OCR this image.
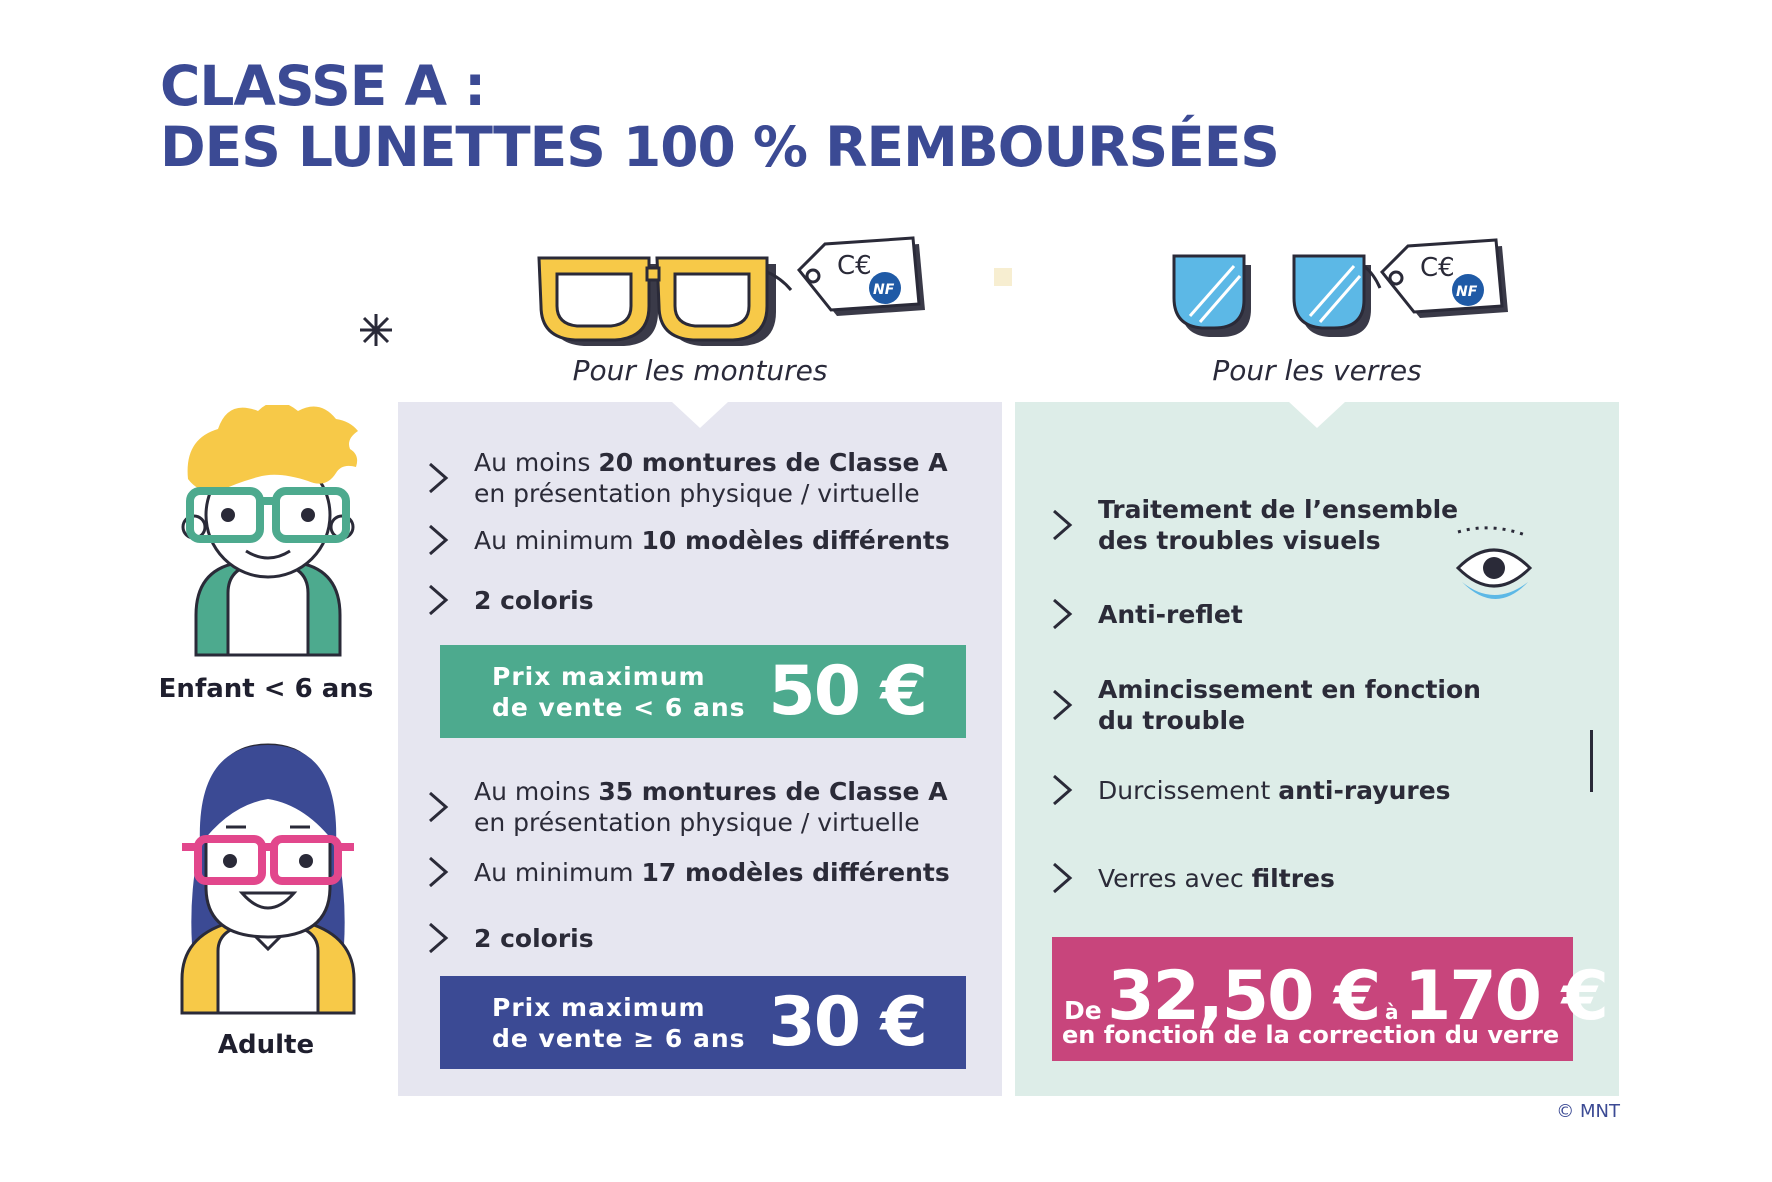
CLASSE A :
DES LUNETTES 100 % REMBOURSÉES
C€
NF
C€
NF
Pour les montures	Pour les verres
Enfant < 6 ans
Adulte
Au moins 20 montures de Classe A
en présentation physique / virtuelle
Au minimum 10 modèles différents
2 coloris
Prix maximum
de vente < 6 ans 50 €
Au moins 35 montures de Classe A
en présentation physique / virtuelle
Au minimum 17 modèles différents
2 coloris
Prix maximum
de vente ≥ 6 ans 30 €
Traitement de l’ensemble
des troubles visuels
Anti-reflet
Amincissement en fonction
du trouble
Durcissement anti-rayures
Verres avec filtres
De 32,50 € à 170 €
en fonction de la correction du verre
© MNT
